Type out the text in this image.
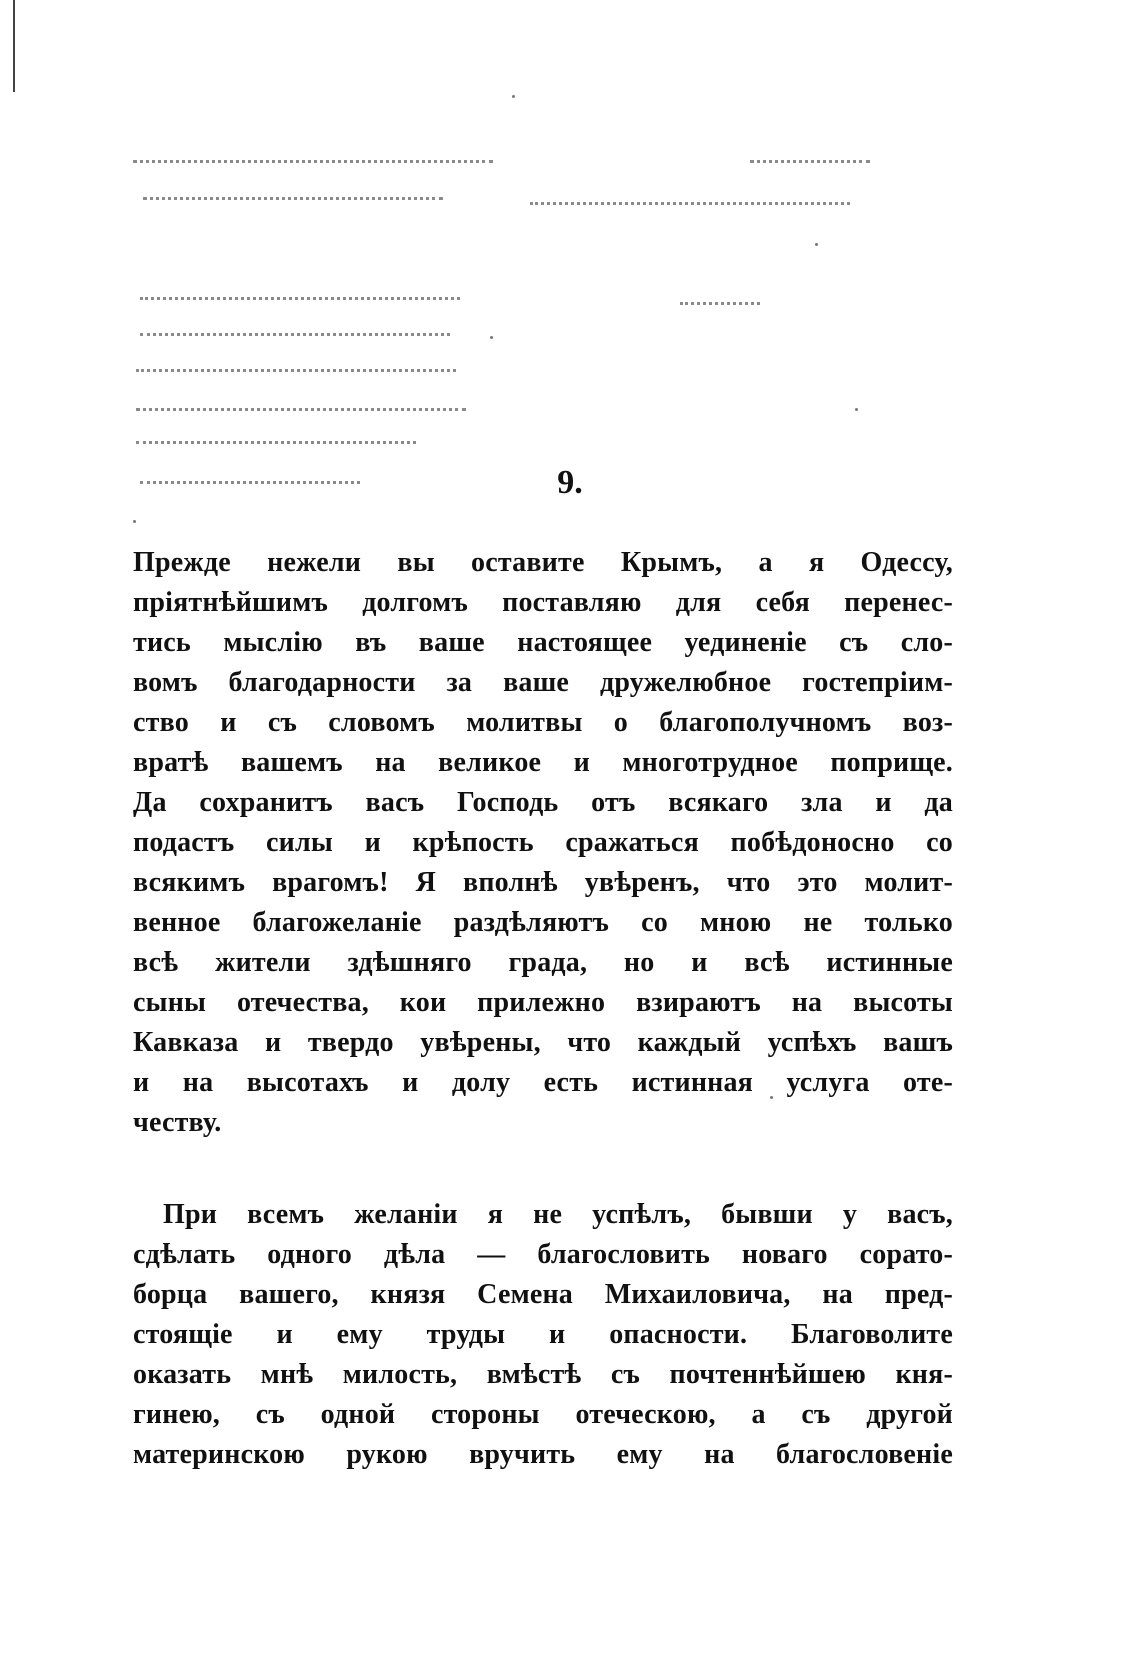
9.
Прежде нежели вы оставите Крымъ, а я Одессу,
пріятнѣйшимъ долгомъ поставляю для себя перенес-
тись мыслію въ ваше настоящее уединеніе съ сло-
вомъ благодарности за ваше дружелюбное гостепріим-
ство и съ словомъ молитвы о благополучномъ воз-
вратѣ вашемъ на великое и многотрудное поприще.
Да сохранитъ васъ Господь отъ всякаго зла и да
подастъ силы и крѣпость сражаться побѣдоносно со
всякимъ врагомъ! Я вполнѣ увѣренъ, что это молит-
венное благожеланіе раздѣляютъ со мною не только
всѣ жители здѣшняго града, но и всѣ истинные
сыны отечества, кои прилежно взираютъ на высоты
Кавказа и твердо увѣрены, что каждый успѣхъ вашъ
и на высотахъ и долу есть истинная услуга оте-
честву.
При всемъ желаніи я не успѣлъ, бывши у васъ,
сдѣлать одного дѣла — благословить новаго сорато-
борца вашего, князя Семена Михаиловича, на пред-
стоящіе и ему труды и опасности. Благоволите
оказать мнѣ милость, вмѣстѣ съ почтеннѣйшею кня-
гинею, съ одной стороны отеческою, а съ другой
материнскою рукою вручить ему на благословеніе
